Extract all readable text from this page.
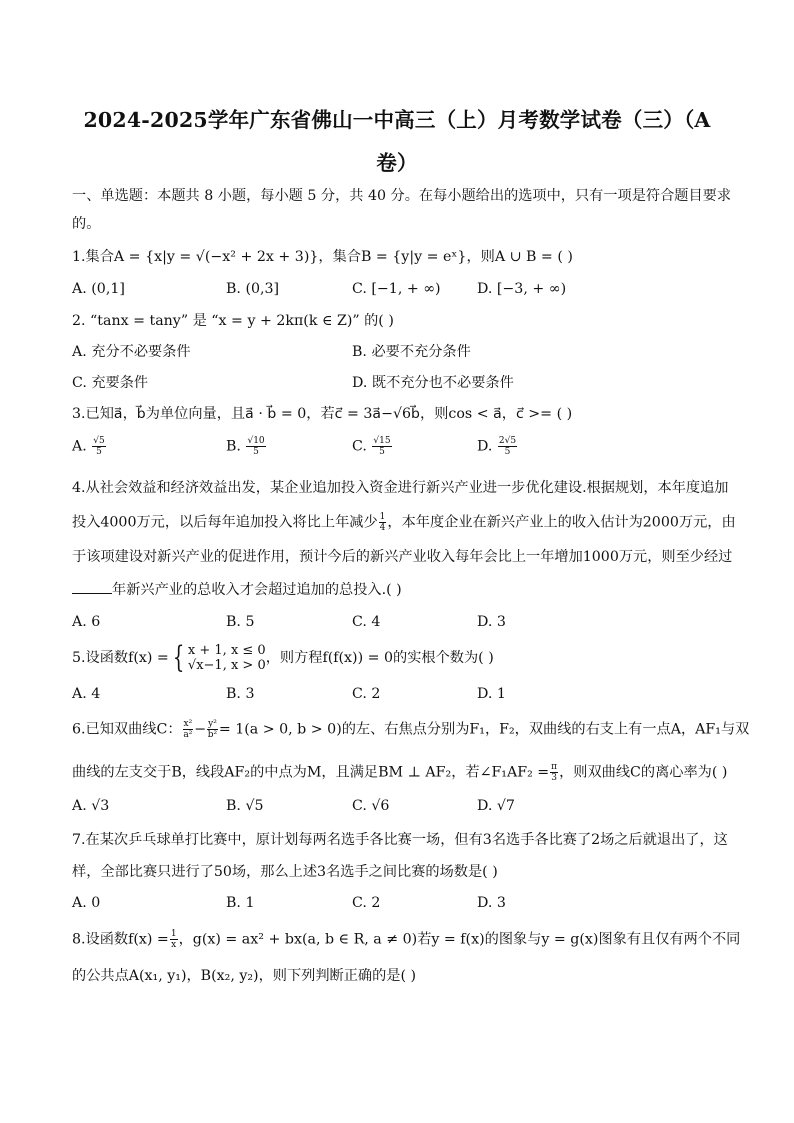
2024-2025学年广东省佛山一中高三（上）月考数学试卷（三）（A
卷）
一、单选题：本题共 8 小题，每小题 5 分，共 40 分。在每小题给出的选项中，只有一项是符合题目要求
的。
1.集合A = {x|y = √(−x² + 2x + 3)}，集合B = {y|y = eˣ}，则A ∪ B = ( )
A. (0,1]	B. (0,3]	C. [−1, + ∞)	D. [−3, + ∞)
2. “tanx = tany” 是 “x = y + 2kπ(k ∈ Z)” 的( )
A. 充分不必要条件	B. 必要不充分条件
C. 充要条件	D. 既不充分也不必要条件
3.已知a⃗，b⃗为单位向量，且a⃗ · b⃗ = 0，若c⃗ = 3a⃗−√6b⃗，则cos < a⃗，c⃗ >= ( )
A. $\frac{√5}{5}$	B. $\frac{√10}{5}$	C. $\frac{√15}{5}$	D. $\frac{2√5}{5}$
4.从社会效益和经济效益出发，某企业追加投入资金进行新兴产业进一步优化建设.根据规划，本年度追加
投入4000万元，以后每年追加投入将比上年减少 $\frac{1}{4}$ ，本年度企业在新兴产业上的收入估计为2000万元，由
于该项建设对新兴产业的促进作用，预计今后的新兴产业收入每年会比上一年增加1000万元，则至少经过
年新兴产业的总收入才会超过追加的总投入.( )
A. 6	B. 5	C. 4	D. 3
5.设函数f(x) = { x + 1, x ≤ 0
√x−1, x > 0 ，则方程f(f(x)) = 0的实根个数为( )
A. 4	B. 3	C. 2	D. 1
6.已知双曲线C： $\frac{\text{x²}}{\text{a²}} - \frac{\text{y²}}{\text{b²}} = 1(a > 0$, b > 0)的左、右焦点分别为F₁，F₂，双曲线的右支上有一点A，AF₁与双
曲线的左支交于B，线段AF₂的中点为M，且满足BM ⊥ AF₂，若∠F₁AF₂ = $\frac{\pi}{3}$ ，则双曲线C的离心率为( )
A. √3	B. √5	C. √6	D. √7
7.在某次乒乓球单打比赛中，原计划每两名选手各比赛一场，但有3名选手各比赛了2场之后就退出了，这
样，全部比赛只进行了50场，那么上述3名选手之间比赛的场数是( )
A. 0	B. 1	C. 2	D. 3
8.设函数$f(x) = \frac{1}{x}$ ，g(x) = ax² + bx(a, b ∈ R, a ≠ 0)若y = f(x)的图象与y = g(x)图象有且仅有两个不同
的公共点A(x₁, y₁)，B(x₂, y₂)，则下列判断正确的是( )
